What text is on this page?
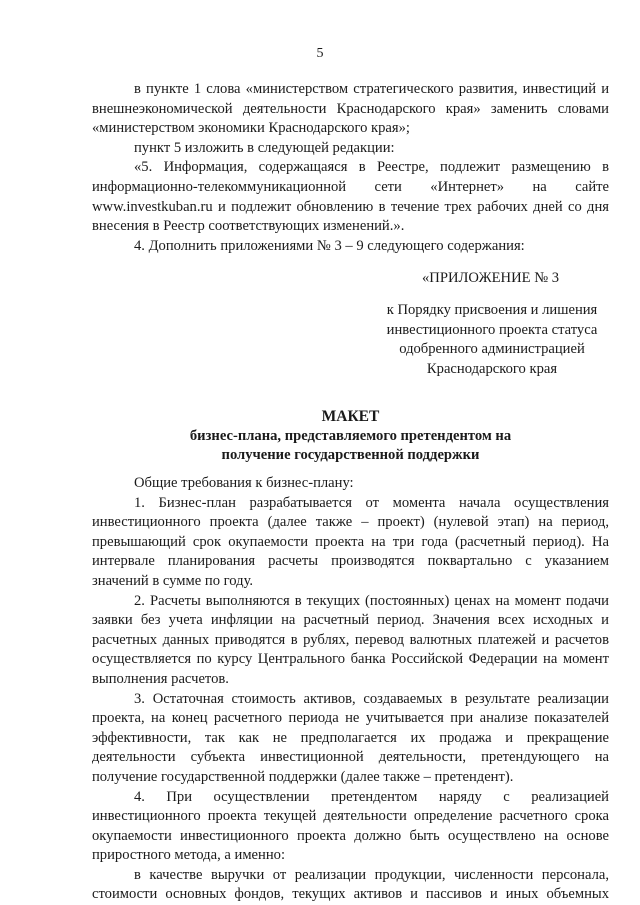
5

в пункте 1 слова «министерством стратегического развития, инвестиций и внешнеэкономической деятельности Краснодарского края» заменить словами «министерством экономики Краснодарского края»;

пункт 5 изложить в следующей редакции:

«5. Информация, содержащаяся в Реестре, подлежит размещению в информационно-телекоммуникационной сети «Интернет» на сайте www.investkuban.ru и подлежит обновлению в течение трех рабочих дней со дня внесения в Реестр соответствующих изменений.».

4. Дополнить приложениями № 3 – 9 следующего содержания:

«ПРИЛОЖЕНИЕ № 3
к Порядку присвоения и лишения
инвестиционного проекта статуса
одобренного администрацией
Краснодарского края
МАКЕТ
бизнес-плана, представляемого претендентом на
получение государственной поддержки

Общие требования к бизнес-плану:

1. Бизнес-план разрабатывается от момента начала осуществления инвестиционного проекта (далее также – проект) (нулевой этап) на период, превышающий срок окупаемости проекта на три года (расчетный период). На интервале планирования расчеты производятся поквартально с указанием значений в сумме по году.

2. Расчеты выполняются в текущих (постоянных) ценах на момент подачи заявки без учета инфляции на расчетный период. Значения всех исходных и расчетных данных приводятся в рублях, перевод валютных платежей и расчетов осуществляется по курсу Центрального банка Российской Федерации на момент выполнения расчетов.

3. Остаточная стоимость активов, создаваемых в результате реализации проекта, на конец расчетного периода не учитывается при анализе показателей эффективности, так как не предполагается их продажа и прекращение деятельности субъекта инвестиционной деятельности, претендующего на получение государственной поддержки (далее также – претендент).

4. При осуществлении претендентом наряду с реализацией инвестиционного проекта текущей деятельности определение расчетного срока окупаемости инвестиционного проекта должно быть осуществлено на основе приростного метода, а именно:

в качестве выручки от реализации продукции, численности персонала, стоимости основных фондов, текущих активов и пассивов и иных объемных
